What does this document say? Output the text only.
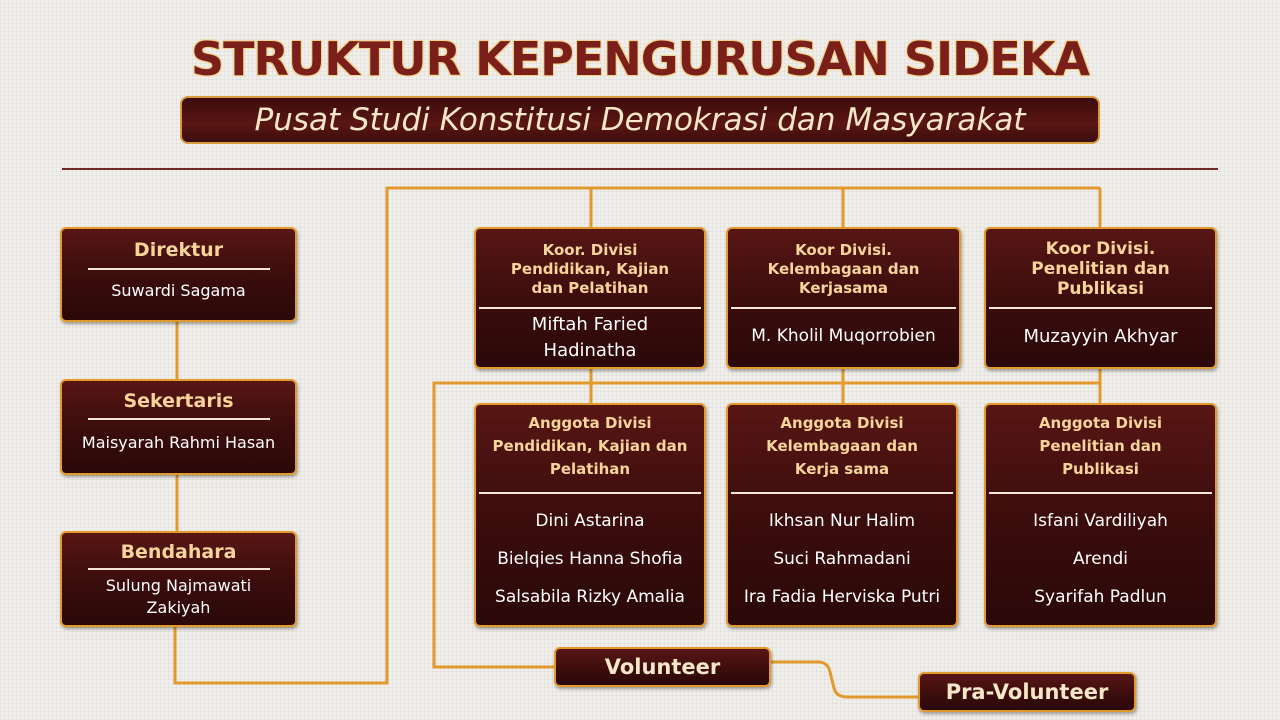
STRUKTUR KEPENGURUSAN SIDEKA
Pusat Studi Konstitusi Demokrasi dan Masyarakat
Direktur
Suwardi Sagama
Sekertaris
Maisyarah Rahmi Hasan
Bendahara
Sulung Najmawati
Zakiyah
Koor. Divisi
Pendidikan, Kajian
dan Pelatihan
Miftah Faried
Hadinatha
Koor Divisi.
Kelembagaan dan
Kerjasama
M. Kholil Muqorrobien
Koor Divisi.
Penelitian dan
Publikasi
Muzayyin Akhyar
Anggota Divisi
Pendidikan, Kajian dan
Pelatihan
Dini Astarina
Bielqies Hanna Shofia
Salsabila Rizky Amalia
Anggota Divisi
Kelembagaan dan
Kerja sama
Ikhsan Nur Halim
Suci Rahmadani
Ira Fadia Herviska Putri
Anggota Divisi
Penelitian dan
Publikasi
Isfani Vardiliyah
Arendi
Syarifah Padlun
Volunteer
Pra-Volunteer
